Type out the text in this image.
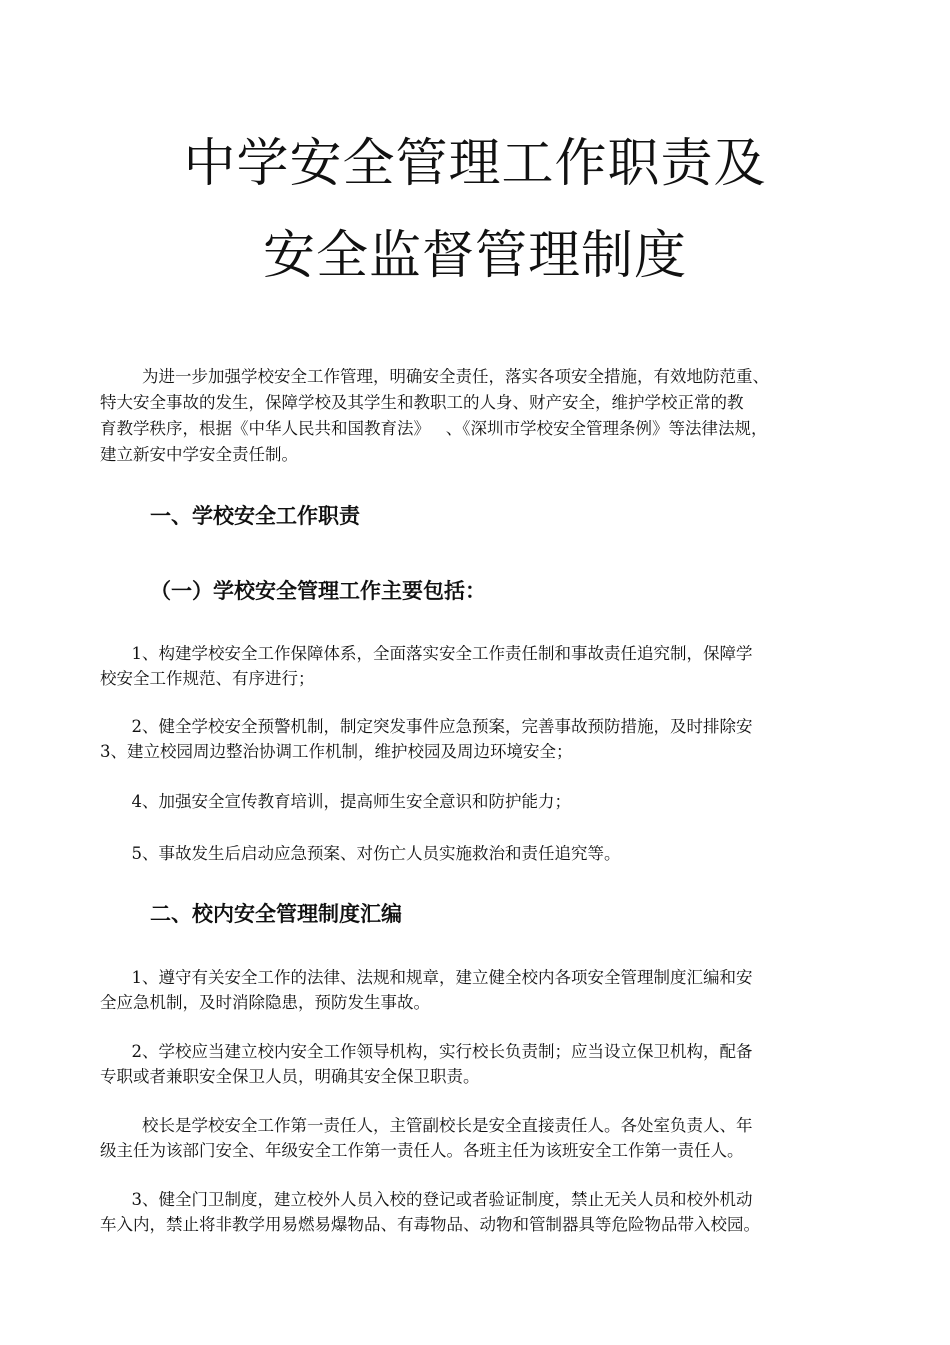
中学安全管理工作职责及
安全监督管理制度

为进一步加强学校安全工作管理，明确安全责任，落实各项安全措施，有效地防范重、

特大安全事故的发生，保障学校及其学生和教职工的人身、财产安全，维护学校正常的教

育教学秩序，根据《中华人民共和国教育法》   、《深圳市学校安全管理条例》等法律法规，

建立新安中学安全责任制。

一、学校安全工作职责
（一）学校安全管理工作主要包括：

1、构建学校安全工作保障体系，全面落实安全工作责任制和事故责任追究制，保障学

校安全工作规范、有序进行；

2、健全学校安全预警机制，制定突发事件应急预案，完善事故预防措施，及时排除安

3、建立校园周边整治协调工作机制，维护校园及周边环境安全；

4、加强安全宣传教育培训，提高师生安全意识和防护能力；

5、事故发生后启动应急预案、对伤亡人员实施救治和责任追究等。

二、校内安全管理制度汇编

1、遵守有关安全工作的法律、法规和规章，建立健全校内各项安全管理制度汇编和安

全应急机制，及时消除隐患，预防发生事故。

2、学校应当建立校内安全工作领导机构，实行校长负责制；应当设立保卫机构，配备

专职或者兼职安全保卫人员，明确其安全保卫职责。

校长是学校安全工作第一责任人，主管副校长是安全直接责任人。各处室负责人、年

级主任为该部门安全、年级安全工作第一责任人。各班主任为该班安全工作第一责任人。

3、健全门卫制度，建立校外人员入校的登记或者验证制度，禁止无关人员和校外机动

车入内，禁止将非教学用易燃易爆物品、有毒物品、动物和管制器具等危险物品带入校园。
